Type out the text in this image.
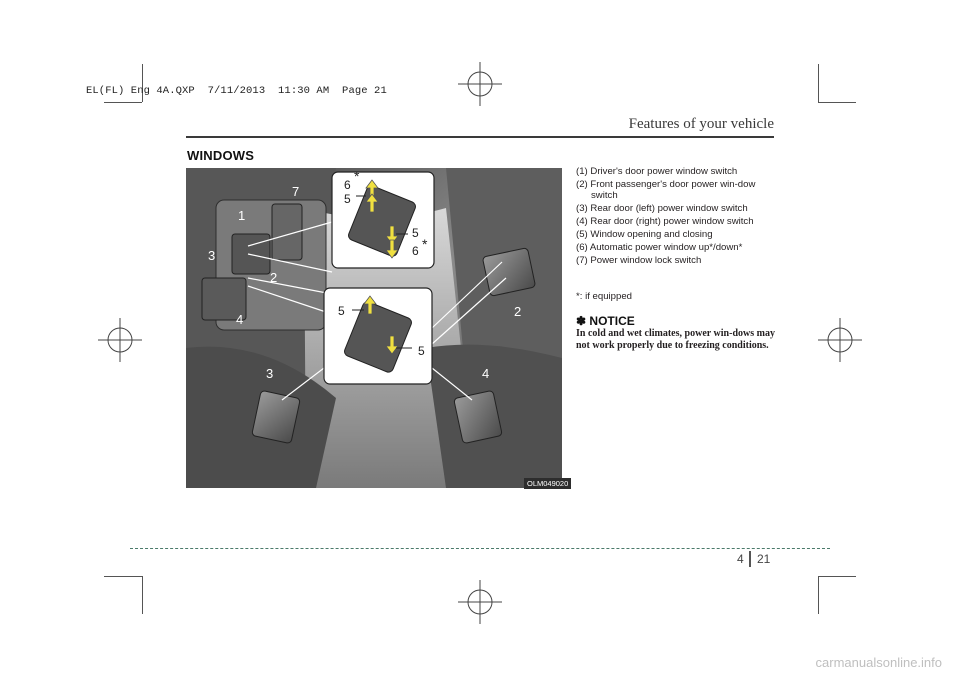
EL(FL) Eng 4A.QXP  7/11/2013  11:30 AM  Page 21
Features of your vehicle
WINDOWS
1
2
3
4
7	6
*
5
5
6 *
5
5
2
3	4
OLM049020
(1) Driver's door power window switch
(2) Front passenger's door power win-dow switch
(3) Rear door (left) power window switch
(4) Rear door (right) power window switch
(5) Window opening and closing
(6) Automatic power window up*/down*
(7) Power window lock switch
*: if equipped
✽ NOTICE
In cold and wet climates, power win-dows may not work properly due to freezing conditions.
4 21
carmanualsonline.info
